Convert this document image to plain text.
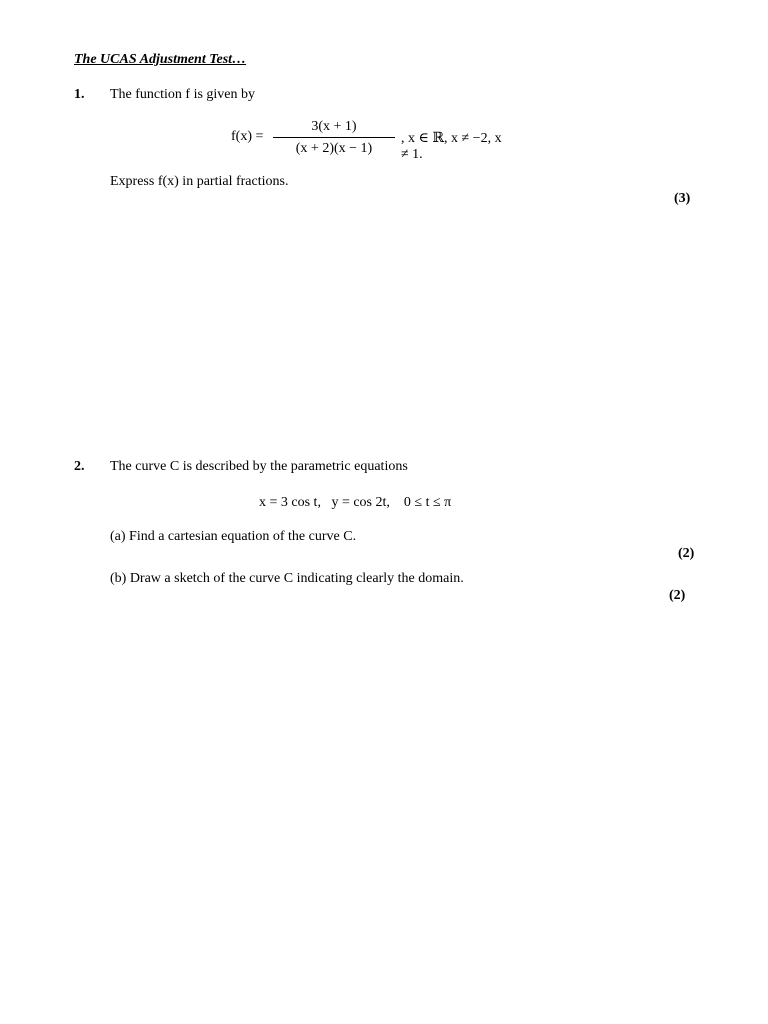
The UCAS Adjustment Test…
1. The function f is given by
f(x) =
3(x + 1)
(x + 2)(x − 1)
, x ∈ ℝ, x ≠ −2, x ≠ 1.
Express f(x) in partial fractions.
(3)
2. The curve C is described by the parametric equations
x = 3 cos t,   y = cos 2t,    0 ≤ t ≤ π
(a) Find a cartesian equation of the curve C.
(2)
(b) Draw a sketch of the curve C indicating clearly the domain.
(2)
